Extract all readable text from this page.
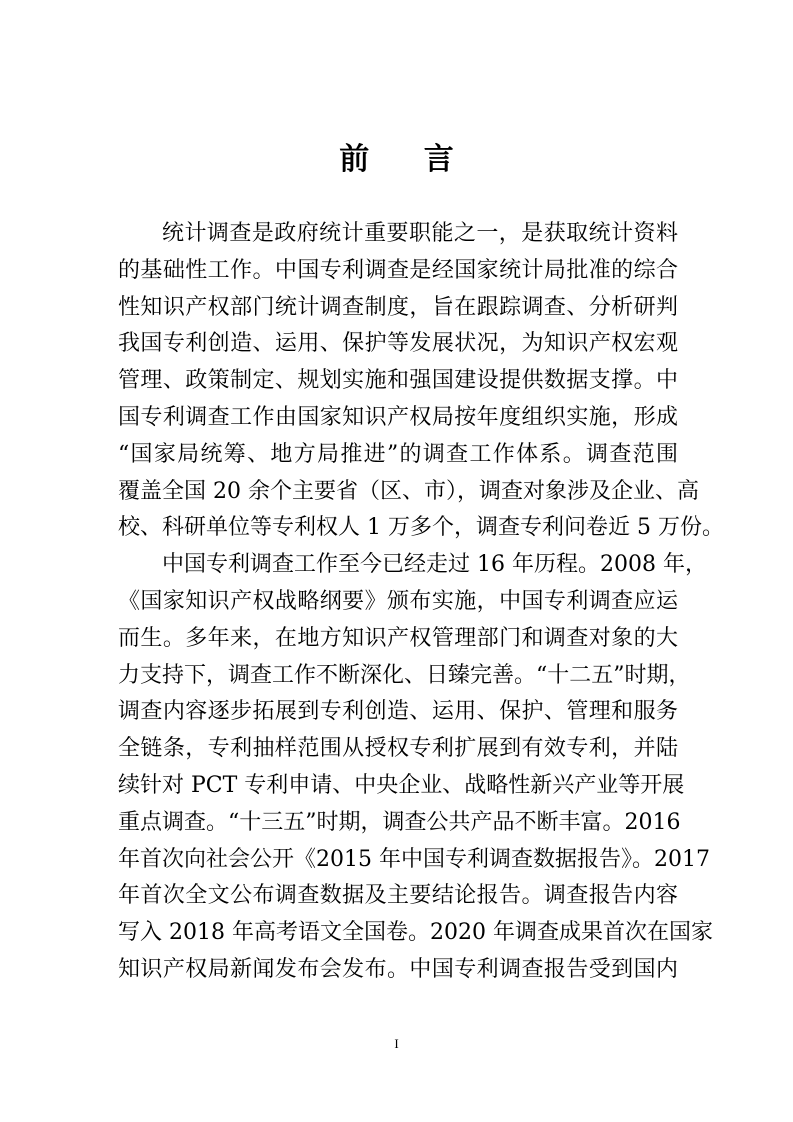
前 言
统计调查是政府统计重要职能之一，是获取统计资料
的基础性工作。中国专利调查是经国家统计局批准的综合
性知识产权部门统计调查制度，旨在跟踪调查、分析研判
我国专利创造、运用、保护等发展状况，为知识产权宏观
管理、政策制定、规划实施和强国建设提供数据支撑。中
国专利调查工作由国家知识产权局按年度组织实施，形成
“国家局统筹、地方局推进”的调查工作体系。调查范围
覆盖全国 20 余个主要省（区、市），调查对象涉及企业、高
校、科研单位等专利权人 1 万多个，调查专利问卷近 5 万份。
中国专利调查工作至今已经走过 16 年历程。2008 年，
《国家知识产权战略纲要》颁布实施，中国专利调查应运
而生。多年来，在地方知识产权管理部门和调查对象的大
力支持下，调查工作不断深化、日臻完善。“十二五”时期，
调查内容逐步拓展到专利创造、运用、保护、管理和服务
全链条，专利抽样范围从授权专利扩展到有效专利，并陆
续针对 PCT 专利申请、中央企业、战略性新兴产业等开展
重点调查。“十三五”时期，调查公共产品不断丰富。2016
年首次向社会公开《2015 年中国专利调查数据报告》。2017
年首次全文公布调查数据及主要结论报告。调查报告内容
写入 2018 年高考语文全国卷。2020 年调查成果首次在国家
知识产权局新闻发布会发布。中国专利调查报告受到国内

I
